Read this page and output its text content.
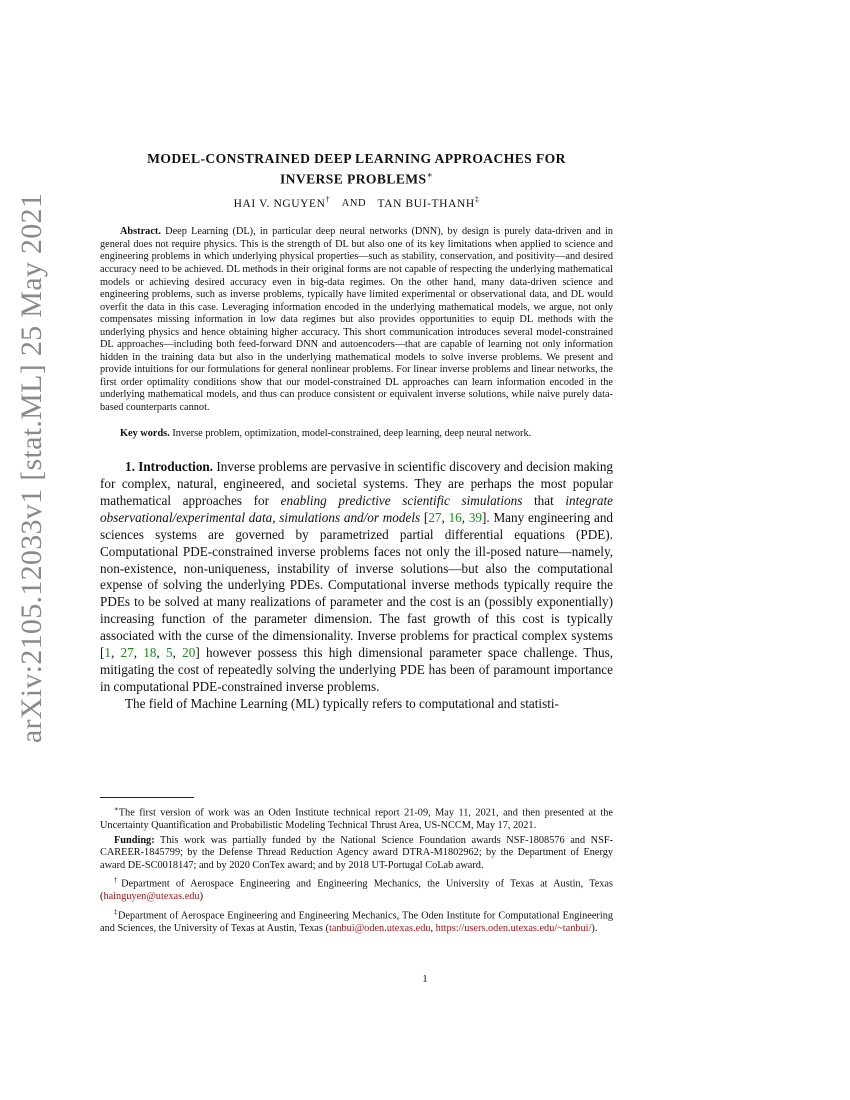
arXiv:2105.12033v1 [stat.ML] 25 May 2021
MODEL-CONSTRAINED DEEP LEARNING APPROACHES FOR
INVERSE PROBLEMS∗
HAI V. NGUYEN† AND TAN BUI-THANH‡
Abstract. Deep Learning (DL), in particular deep neural networks (DNN), by design is purely data-driven and in general does not require physics. This is the strength of DL but also one of its key limitations when applied to science and engineering problems in which underlying physical properties—such as stability, conservation, and positivity—and desired accuracy need to be achieved. DL methods in their original forms are not capable of respecting the underlying mathematical models or achieving desired accuracy even in big-data regimes. On the other hand, many data-driven science and engineering problems, such as inverse problems, typically have limited experimental or observational data, and DL would overfit the data in this case. Leveraging information encoded in the underlying mathematical models, we argue, not only compensates missing information in low data regimes but also provides opportunities to equip DL methods with the underlying physics and hence obtaining higher accuracy. This short communication introduces several model-constrained DL approaches—including both feed-forward DNN and autoencoders—that are capable of learning not only information hidden in the training data but also in the underlying mathematical models to solve inverse problems. We present and provide intuitions for our formulations for general nonlinear problems. For linear inverse problems and linear networks, the first order optimality conditions show that our model-constrained DL approaches can learn information encoded in the underlying mathematical models, and thus can produce consistent or equivalent inverse solutions, while naive purely data-based counterparts cannot.
Key words. Inverse problem, optimization, model-constrained, deep learning, deep neural network.

1. Introduction. Inverse problems are pervasive in scientific discovery and decision making for complex, natural, engineered, and societal systems. They are perhaps the most popular mathematical approaches for enabling predictive scientific simulations that integrate observational/experimental data, simulations and/or models [27, 16, 39]. Many engineering and sciences systems are governed by parametrized partial differential equations (PDE). Computational PDE-constrained inverse problems faces not only the ill-posed nature—namely, non-existence, non-uniqueness, instability of inverse solutions—but also the computational expense of solving the underlying PDEs. Computational inverse methods typically require the PDEs to be solved at many realizations of parameter and the cost is an (possibly exponentially) increasing function of the parameter dimension. The fast growth of this cost is typically associated with the curse of the dimensionality. Inverse problems for practical complex systems [1, 27, 18, 5, 20] however possess this high dimensional parameter space challenge. Thus, mitigating the cost of repeatedly solving the underlying PDE has been of paramount importance in computational PDE-constrained inverse problems.

The field of Machine Learning (ML) typically refers to computational and statisti-

∗The first version of work was an Oden Institute technical report 21-09, May 11, 2021, and then presented at the Uncertainty Quantification and Probabilistic Modeling Technical Thrust Area, US-NCCM, May 17, 2021.

Funding: This work was partially funded by the National Science Foundation awards NSF-1808576 and NSF-CAREER-1845799; by the Defense Thread Reduction Agency award DTRA-M1802962; by the Department of Energy award DE-SC0018147; and by 2020 ConTex award; and by 2018 UT-Portugal CoLab award.

†Department of Aerospace Engineering and Engineering Mechanics, the University of Texas at Austin, Texas (hainguyen@utexas.edu)

‡Department of Aerospace Engineering and Engineering Mechanics, The Oden Institute for Computational Engineering and Sciences, the University of Texas at Austin, Texas (tanbui@oden.utexas.edu, https://users.oden.utexas.edu/~tanbui/).

1
